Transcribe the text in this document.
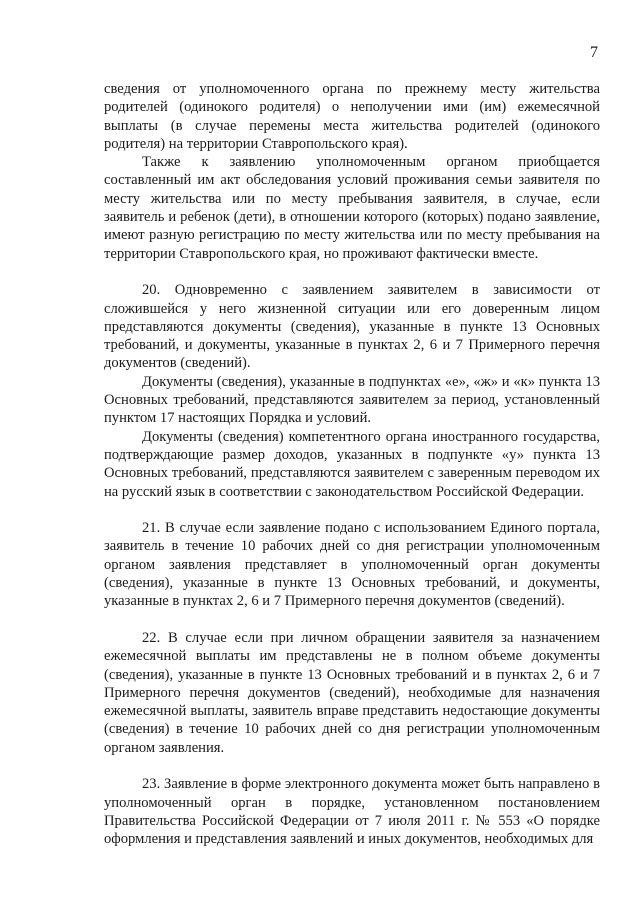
7

сведения от уполномоченного органа по прежнему месту жительства родителей (одинокого родителя) о неполучении ими (им) ежемесячной выплаты (в случае перемены места жительства родителей (одинокого родителя) на территории Ставропольского края).

Также к заявлению уполномоченным органом приобщается составленный им акт обследования условий проживания семьи заявителя по месту жительства или по месту пребывания заявителя, в случае, если заявитель и ребенок (дети), в отношении которого (которых) подано заявление, имеют разную регистрацию по месту жительства или по месту пребывания на территории Ставропольского края, но проживают фактически вместе.

20. Одновременно с заявлением заявителем в зависимости от сложившейся у него жизненной ситуации или его доверенным лицом представляются документы (сведения), указанные в пункте 13 Основных требований, и документы, указанные в пунктах 2, 6 и 7 Примерного перечня документов (сведений).

Документы (сведения), указанные в подпунктах «е», «ж» и «к» пункта 13 Основных требований, представляются заявителем за период, установленный пунктом 17 настоящих Порядка и условий.

Документы (сведения) компетентного органа иностранного государства, подтверждающие размер доходов, указанных в подпункте «у» пункта 13 Основных требований, представляются заявителем с заверенным переводом их на русский язык в соответствии с законодательством Российской Федерации.

21. В случае если заявление подано с использованием Единого портала, заявитель в течение 10 рабочих дней со дня регистрации уполномоченным органом заявления представляет в уполномоченный орган документы (сведения), указанные в пункте 13 Основных требований, и документы, указанные в пунктах 2, 6 и 7 Примерного перечня документов (сведений).

22. В случае если при личном обращении заявителя за назначением ежемесячной выплаты им представлены не в полном объеме документы (сведения), указанные в пункте 13 Основных требований и в пунктах 2, 6 и 7 Примерного перечня документов (сведений), необходимые для назначения ежемесячной выплаты, заявитель вправе представить недостающие документы (сведения) в течение 10 рабочих дней со дня регистрации уполномоченным органом заявления.

23. Заявление в форме электронного документа может быть направлено в уполномоченный орган в порядке, установленном постановлением Правительства Российской Федерации от 7 июля 2011 г. № 553 «О порядке оформления и представления заявлений и иных документов, необходимых для
